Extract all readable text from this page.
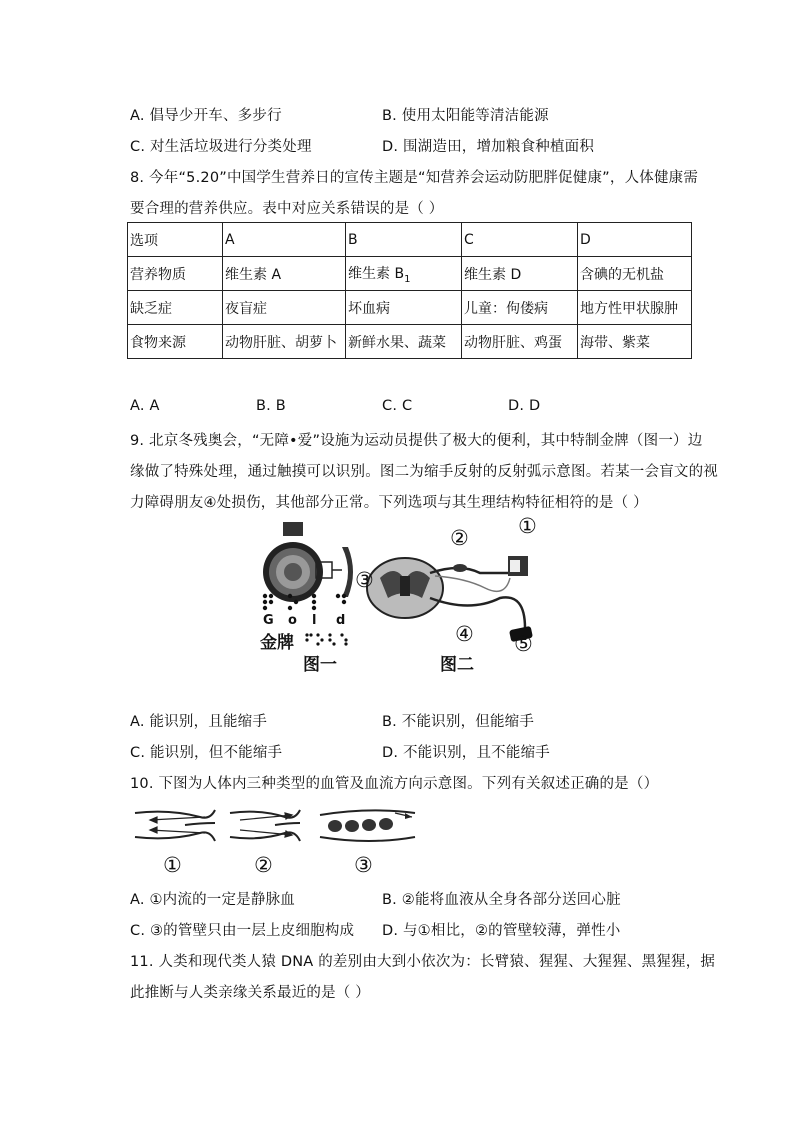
A. 倡导少开车、多步行	B. 使用太阳能等清洁能源
C. 对生活垃圾进行分类处理	D. 围湖造田，增加粮食种植面积
8. 今年“5.20”中国学生营养日的宣传主题是“知营养会运动防肥胖促健康”，人体健康需
要合理的营养供应。表中对应关系错误的是（ ）
选项	A	B	C	D
营养物质	维生素 A	维生素 $B_1$	维生素 D	含碘的无机盐
缺乏症	夜盲症	坏血病	儿童：佝偻病	地方性甲状腺肿
食物来源	动物肝脏、胡萝卜	新鲜水果、蔬菜	动物肝脏、鸡蛋	海带、紫菜
A. A	B. B	C. C	D. D
9. 北京冬残奥会，“无障•爱”设施为运动员提供了极大的便利，其中特制金牌（图一）边
缘做了特殊处理，通过触摸可以识别。图二为缩手反射的反射弧示意图。若某一会盲文的视
力障碍朋友④处损伤，其他部分正常。下列选项与其生理结构特征相符的是（ ）
G o l d
金牌
图一
①
②
③
④ ⑤
图二
A. 能识别，且能缩手	B. 不能识别，但能缩手
C. 能识别，但不能缩手	D. 不能识别，且不能缩手
10. 下图为人体内三种类型的血管及血流方向示意图。下列有关叙述正确的是（）
①	②	③
A. ①内流的一定是静脉血	B. ②能将血液从全身各部分送回心脏
C. ③的管壁只由一层上皮细胞构成 D. 与①相比，②的管壁较薄，弹性小
11. 人类和现代类人猿 DNA 的差别由大到小依次为：长臂猿、猩猩、大猩猩、黑猩猩，据
此推断与人类亲缘关系最近的是（ ）
